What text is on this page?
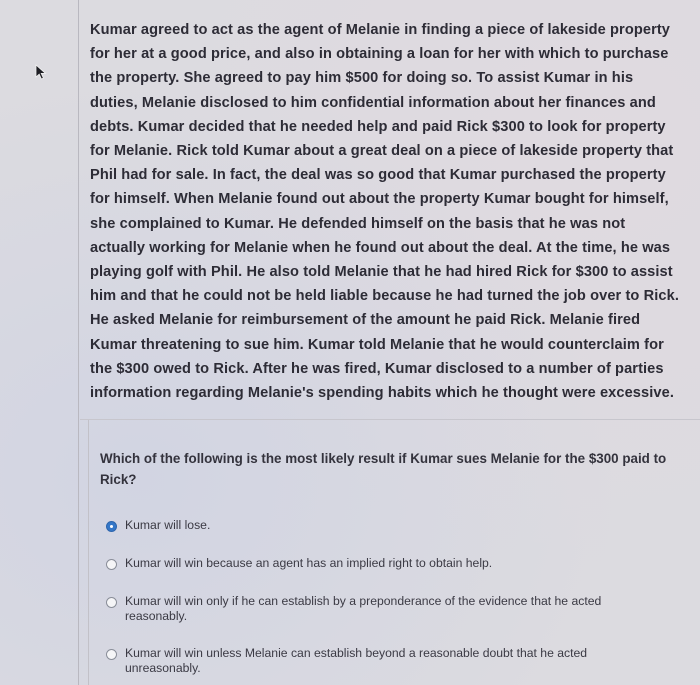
Kumar agreed to act as the agent of Melanie in finding a piece of lakeside property for her at a good price, and also in obtaining a loan for her with which to purchase the property. She agreed to pay him $500 for doing so. To assist Kumar in his duties, Melanie disclosed to him confidential information about her finances and debts. Kumar decided that he needed help and paid Rick $300 to look for property for Melanie. Rick told Kumar about a great deal on a piece of lakeside property that Phil had for sale. In fact, the deal was so good that Kumar purchased the property for himself. When Melanie found out about the property Kumar bought for himself, she complained to Kumar. He defended himself on the basis that he was not actually working for Melanie when he found out about the deal. At the time, he was playing golf with Phil. He also told Melanie that he had hired Rick for $300 to assist him and that he could not be held liable because he had turned the job over to Rick. He asked Melanie for reimbursement of the amount he paid Rick. Melanie fired Kumar threatening to sue him. Kumar told Melanie that he would counterclaim for the $300 owed to Rick. After he was fired, Kumar disclosed to a number of parties information regarding Melanie's spending habits which he thought were excessive.
Which of the following is the most likely result if Kumar sues Melanie for the $300 paid to Rick?
Kumar will lose.
Kumar will win because an agent has an implied right to obtain help.
Kumar will win only if he can establish by a preponderance of the evidence that he acted reasonably.
Kumar will win unless Melanie can establish beyond a reasonable doubt that he acted unreasonably.
